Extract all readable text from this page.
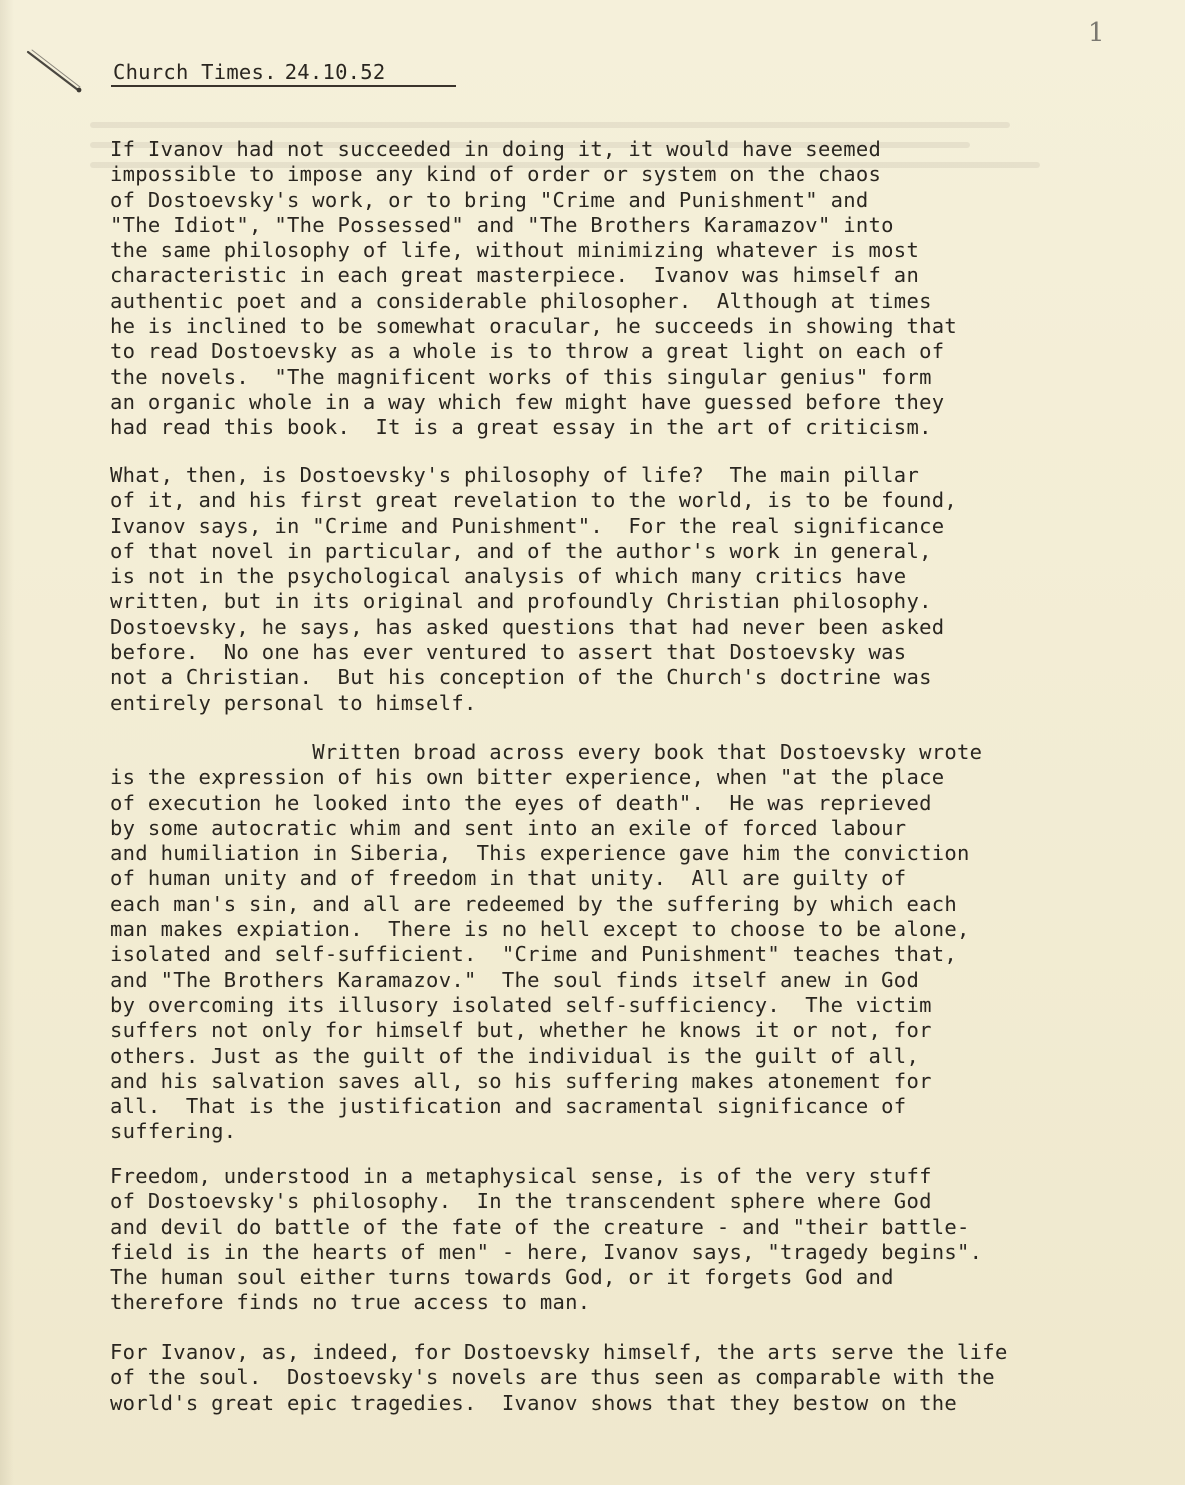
1
Church Times. 24.10.52
If Ivanov had not succeeded in doing it, it would have seemed
impossible to impose any kind of order or system on the chaos
of Dostoevsky's work, or to bring "Crime and Punishment" and
"The Idiot", "The Possessed" and "The Brothers Karamazov" into
the same philosophy of life, without minimizing whatever is most
characteristic in each great masterpiece.  Ivanov was himself an
authentic poet and a considerable philosopher.  Although at times
he is inclined to be somewhat oracular, he succeeds in showing that
to read Dostoevsky as a whole is to throw a great light on each of
the novels.  "The magnificent works of this singular genius" form
an organic whole in a way which few might have guessed before they
had read this book.  It is a great essay in the art of criticism.
What, then, is Dostoevsky's philosophy of life?  The main pillar
of it, and his first great revelation to the world, is to be found,
Ivanov says, in "Crime and Punishment".  For the real significance
of that novel in particular, and of the author's work in general,
is not in the psychological analysis of which many critics have
written, but in its original and profoundly Christian philosophy.
Dostoevsky, he says, has asked questions that had never been asked
before.  No one has ever ventured to assert that Dostoevsky was
not a Christian.  But his conception of the Church's doctrine was
entirely personal to himself.
Written broad across every book that Dostoevsky wrote
is the expression of his own bitter experience, when "at the place
of execution he looked into the eyes of death".  He was reprieved
by some autocratic whim and sent into an exile of forced labour
and humiliation in Siberia,  This experience gave him the conviction
of human unity and of freedom in that unity.  All are guilty of
each man's sin, and all are redeemed by the suffering by which each
man makes expiation.  There is no hell except to choose to be alone,
isolated and self-sufficient.  "Crime and Punishment" teaches that,
and "The Brothers Karamazov."  The soul finds itself anew in God
by overcoming its illusory isolated self-sufficiency.  The victim
suffers not only for himself but, whether he knows it or not, for
others. Just as the guilt of the individual is the guilt of all,
and his salvation saves all, so his suffering makes atonement for
all.  That is the justification and sacramental significance of
suffering.
Freedom, understood in a metaphysical sense, is of the very stuff
of Dostoevsky's philosophy.  In the transcendent sphere where God
and devil do battle of the fate of the creature - and "their battle-
field is in the hearts of men" - here, Ivanov says, "tragedy begins".
The human soul either turns towards God, or it forgets God and
therefore finds no true access to man.
For Ivanov, as, indeed, for Dostoevsky himself, the arts serve the life
of the soul.  Dostoevsky's novels are thus seen as comparable with the
world's great epic tragedies.  Ivanov shows that they bestow on the
